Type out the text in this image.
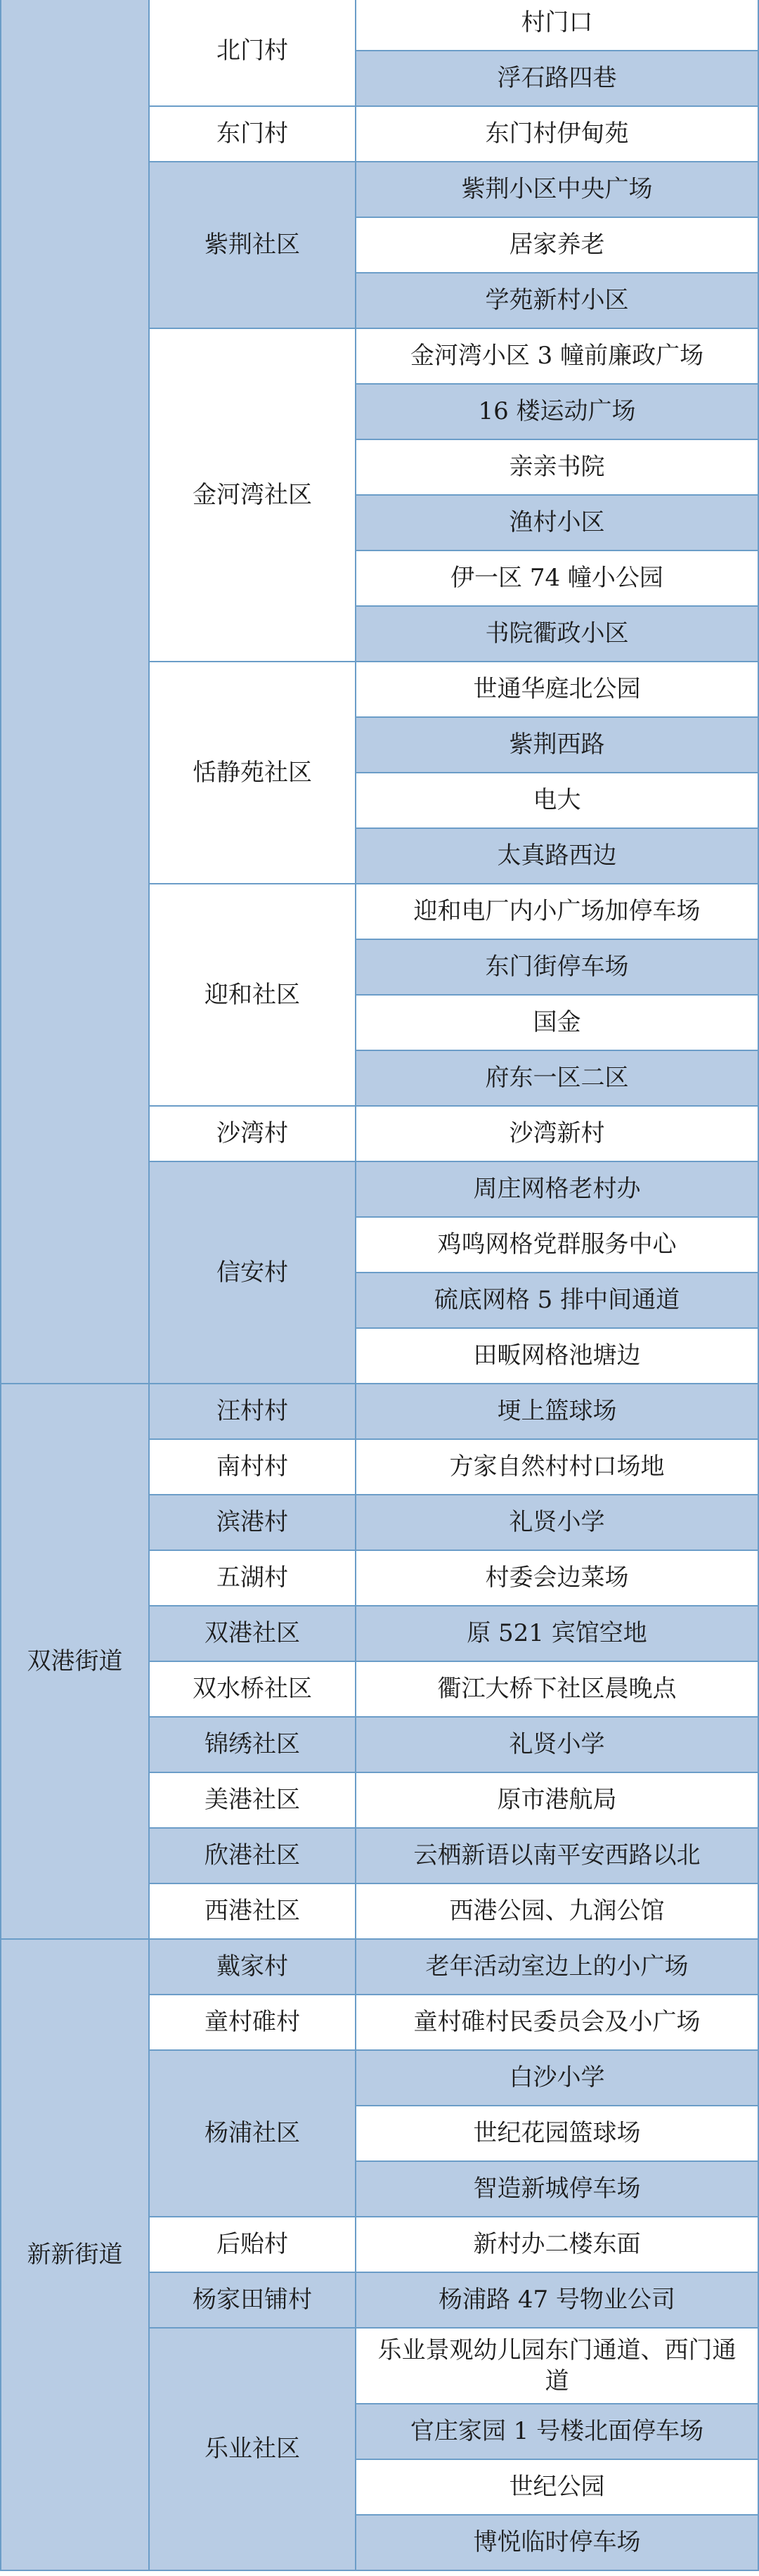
村门口
浮石路四巷
北门村
东门村伊甸苑
东门村
紫荆小区中央广场
居家养老
学苑新村小区
紫荆社区
金河湾小区 3 幢前廉政广场
16 楼运动广场
亲亲书院
渔村小区
伊一区 74 幢小公园
书院衢政小区
金河湾社区
世通华庭北公园
紫荆西路
电大
太真路西边
恬静苑社区
迎和电厂内小广场加停车场
东门街停车场
国金
府东一区二区
迎和社区
沙湾新村
沙湾村
周庄网格老村办
鸡鸣网格党群服务中心
硫底网格 5 排中间通道
田畈网格池塘边
信安村
埂上篮球场
汪村村
方家自然村村口场地
南村村
礼贤小学
滨港村
村委会边菜场
五湖村
原 521 宾馆空地
双港社区
衢江大桥下社区晨晚点
双水桥社区
礼贤小学
锦绣社区
原市港航局
美港社区
云栖新语以南平安西路以北
欣港社区
西港公园、九润公馆
西港社区
双港街道
老年活动室边上的小广场
戴家村
童村碓村民委员会及小广场
童村碓村
白沙小学
世纪花园篮球场
智造新城停车场
杨浦社区
新村办二楼东面
后贻村
杨浦路 47 号物业公司
杨家田铺村
乐业景观幼儿园东门通道、西门通道
官庄家园 1 号楼北面停车场
世纪公园
博悦临时停车场
乐业社区
新新街道
